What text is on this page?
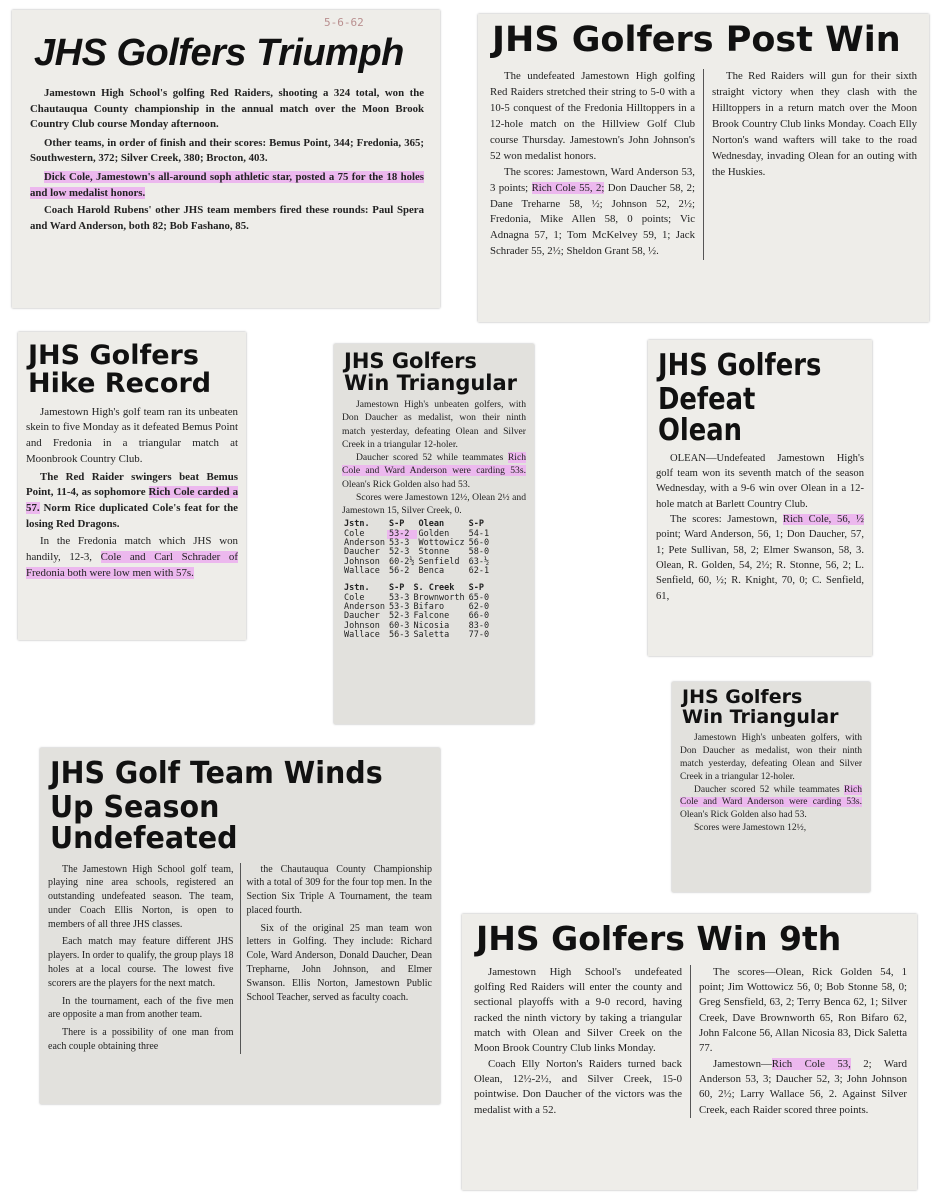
5-6-62
JHS Golfers Triumph

Jamestown High School's golfing Red Raiders, shooting a 324 total, won the Chautauqua County championship in the annual match over the Moon Brook Country Club course Monday afternoon.

Other teams, in order of finish and their scores: Bemus Point, 344; Fredonia, 365; Southwestern, 372; Silver Creek, 380; Brocton, 403.

Dick Cole, Jamestown's all-around soph athletic star, posted a 75 for the 18 holes and low medalist honors.

Coach Harold Rubens' other JHS team members fired these rounds: Paul Spera and Ward Anderson, both 82; Bob Fashano, 85.

JHS Golfers Post Win

The undefeated Jamestown High golfing Red Raiders stretched their string to 5-0 with a 10-5 conquest of the Fredonia Hilltoppers in a 12-hole match on the Hillview Golf Club course Thursday. Jamestown's John Johnson's 52 won medalist honors.

The scores: Jamestown, Ward Anderson 53, 3 points; Rich Cole 55, 2; Don Daucher 58, 2; Dane Treharne 58, ½; Johnson 52, 2½; Fredonia, Mike Allen 58, 0 points; Vic Adnagna 57, 1; Tom McKelvey 59, 1; Jack Schrader 55, 2½; Sheldon Grant 58, ½.

The Red Raiders will gun for their sixth straight victory when they clash with the Hilltoppers in a return match over the Moon Brook Country Club links Monday. Coach Elly Norton's wand wafters will take to the road Wednesday, invading Olean for an outing with the Huskies.

JHS Golfers
Hike Record

Jamestown High's golf team ran its unbeaten skein to five Monday as it defeated Bemus Point and Fredonia in a triangular match at Moonbrook Country Club.

The Red Raider swingers beat Bemus Point, 11-4, as sophomore Rich Cole carded a 57. Norm Rice duplicated Cole's feat for the losing Red Dragons.

In the Fredonia match which JHS won handily, 12-3, Cole and Carl Schrader of Fredonia both were low men with 57s.

JHS Golfers
Win Triangular

Jamestown High's unbeaten golfers, with Don Daucher as medalist, won their ninth match yesterday, defeating Olean and Silver Creek in a triangular 12-holer.

Daucher scored 52 while teammates Rich Cole and Ward Anderson were carding 53s. Olean's Rick Golden also had 53.

Scores were Jamestown 12½, Olean 2½ and Jamestown 15, Silver Creek, 0.

Jstn.	S-P	Olean	S-P
Cole	53-2	Golden	54-1
Anderson	53-3	Wottowicz	56-0
Daucher	52-3	Stonne	58-0
Johnson	60-2½	Senfield	63-½
Wallace	56-2	Benca	62-1
Jstn.	S-P	S. Creek	S-P
Cole	53-3	Brownworth	65-0
Anderson	53-3	Bifaro	62-0
Daucher	52-3	Falcone	66-0
Johnson	60-3	Nicosia	83-0
Wallace	56-3	Saletta	77-0
JHS Golfers
Defeat Olean

OLEAN—Undefeated Jamestown High's golf team won its seventh match of the season Wednesday, with a 9-6 win over Olean in a 12-hole match at Barlett Country Club.

The scores: Jamestown, Rich Cole, 56, ½ point; Ward Anderson, 56, 1; Don Daucher, 57, 1; Pete Sullivan, 58, 2; Elmer Swanson, 58, 3. Olean, R. Golden, 54, 2½; R. Stonne, 56, 2; L. Senfield, 60, ½; R. Knight, 70, 0; C. Senfield, 61,

JHS Golfers
Win Triangular

Jamestown High's unbeaten golfers, with Don Daucher as medalist, won their ninth match yesterday, defeating Olean and Silver Creek in a triangular 12-holer.

Daucher scored 52 while teammates Rich Cole and Ward Anderson were carding 53s. Olean's Rick Golden also had 53.

Scores were Jamestown 12½,

JHS Golf Team Winds
Up Season Undefeated

The Jamestown High School golf team, playing nine area schools, registered an outstanding undefeated season. The team, under Coach Ellis Norton, is open to members of all three JHS classes.

Each match may feature different JHS players. In order to qualify, the group plays 18 holes at a local course. The lowest five scorers are the players for the next match.

In the tournament, each of the five men are opposite a man from another team.

There is a possibility of one man from each couple obtaining three

the Chautauqua County Championship with a total of 309 for the four top men. In the Section Six Triple A Tournament, the team placed fourth.

Six of the original 25 man team won letters in Golfing. They include: Richard Cole, Ward Anderson, Donald Daucher, Dean Trepharne, John Johnson, and Elmer Swanson. Ellis Norton, Jamestown Public School Teacher, served as faculty coach.

JHS Golfers Win 9th

Jamestown High School's undefeated golfing Red Raiders will enter the county and sectional playoffs with a 9-0 record, having racked the ninth victory by taking a triangular match with Olean and Silver Creek on the Moon Brook Country Club links Monday.

Coach Elly Norton's Raiders turned back Olean, 12½-2½, and Silver Creek, 15-0 pointwise. Don Daucher of the victors was the medalist with a 52.

The scores—Olean, Rick Golden 54, 1 point; Jim Wottowicz 56, 0; Bob Stonne 58, 0; Greg Sensfield, 63, 2; Terry Benca 62, 1; Silver Creek, Dave Brownworth 65, Ron Bifaro 62, John Falcone 56, Allan Nicosia 83, Dick Saletta 77.

Jamestown—Rich Cole 53, 2; Ward Anderson 53, 3; Daucher 52, 3; John Johnson 60, 2½; Larry Wallace 56, 2. Against Silver Creek, each Raider scored three points.
